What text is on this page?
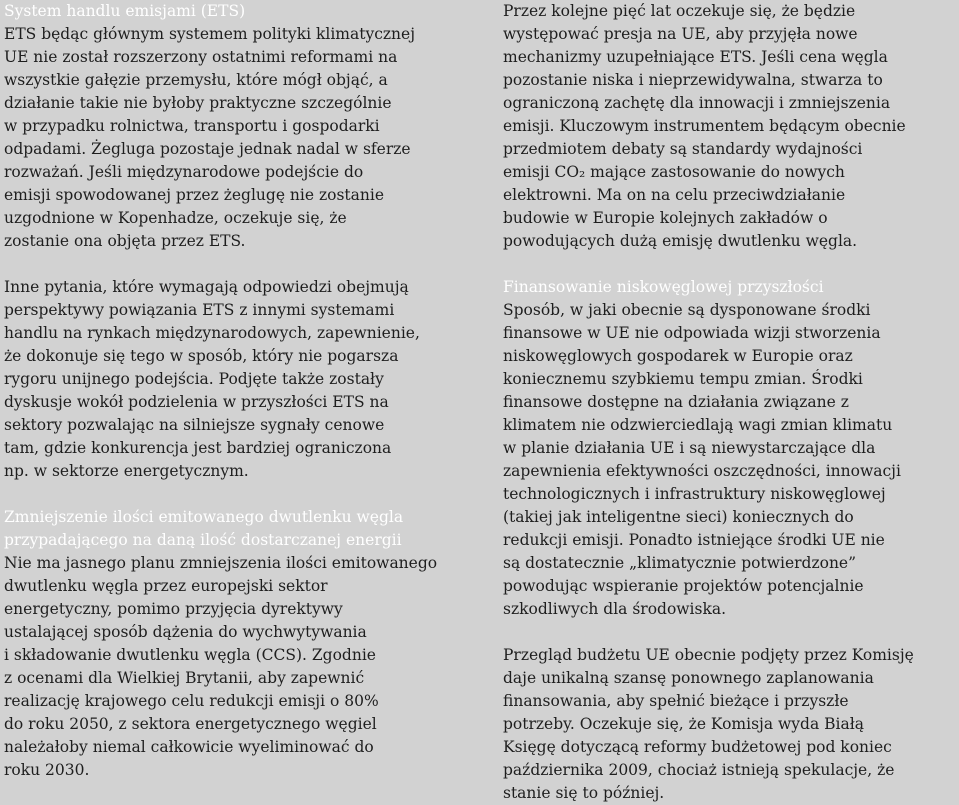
System handlu emisjami (ETS)
ETS będąc głównym systemem polityki klimatycznej
UE nie został rozszerzony ostatnimi reformami na
wszystkie gałęzie przemysłu, które mógł objąć, a
działanie takie nie byłoby praktyczne szczególnie
w przypadku rolnictwa, transportu i gospodarki
odpadami. Żegluga pozostaje jednak nadal w sferze
rozważań. Jeśli międzynarodowe podejście do
emisji spowodowanej przez żeglugę nie zostanie
uzgodnione w Kopenhadze, oczekuje się, że
zostanie ona objęta przez ETS.
Inne pytania, które wymagają odpowiedzi obejmują
perspektywy powiązania ETS z innymi systemami
handlu na rynkach międzynarodowych, zapewnienie,
że dokonuje się tego w sposób, który nie pogarsza
rygoru unijnego podejścia. Podjęte także zostały
dyskusje wokół podzielenia w przyszłości ETS na
sektory pozwalając na silniejsze sygnały cenowe
tam, gdzie konkurencja jest bardziej ograniczona
np. w sektorze energetycznym.
Zmniejszenie ilości emitowanego dwutlenku węgla
przypadającego na daną ilość dostarczanej energii
Nie ma jasnego planu zmniejszenia ilości emitowanego
dwutlenku węgla przez europejski sektor
energetyczny, pomimo przyjęcia dyrektywy
ustalającej sposób dążenia do wychwytywania
i składowanie dwutlenku węgla (CCS). Zgodnie
z ocenami dla Wielkiej Brytanii, aby zapewnić
realizację krajowego celu redukcji emisji o 80%
do roku 2050, z sektora energetycznego węgiel
należałoby niemal całkowicie wyeliminować do
roku 2030.
Przez kolejne pięć lat oczekuje się, że będzie
występować presja na UE, aby przyjęła nowe
mechanizmy uzupełniające ETS. Jeśli cena węgla
pozostanie niska i nieprzewidywalna, stwarza to
ograniczoną zachętę dla innowacji i zmniejszenia
emisji. Kluczowym instrumentem będącym obecnie
przedmiotem debaty są standardy wydajności
emisji CO₂ mające zastosowanie do nowych
elektrowni. Ma on na celu przeciwdziałanie
budowie w Europie kolejnych zakładów o
powodujących dużą emisję dwutlenku węgla.
Finansowanie niskowęglowej przyszłości
Sposób, w jaki obecnie są dysponowane środki
finansowe w UE nie odpowiada wizji stworzenia
niskowęglowych gospodarek w Europie oraz
koniecznemu szybkiemu tempu zmian. Środki
finansowe dostępne na działania związane z
klimatem nie odzwierciedlają wagi zmian klimatu
w planie działania UE i są niewystarczające dla
zapewnienia efektywności oszczędności, innowacji
technologicznych i infrastruktury niskowęglowej
(takiej jak inteligentne sieci) koniecznych do
redukcji emisji. Ponadto istniejące środki UE nie
są dostatecznie „klimatycznie potwierdzone”
powodując wspieranie projektów potencjalnie
szkodliwych dla środowiska.
Przegląd budżetu UE obecnie podjęty przez Komisję
daje unikalną szansę ponownego zaplanowania
finansowania, aby spełnić bieżące i przyszłe
potrzeby. Oczekuje się, że Komisja wyda Białą
Księgę dotyczącą reformy budżetowej pod koniec
października 2009, chociaż istnieją spekulacje, że
stanie się to później.
